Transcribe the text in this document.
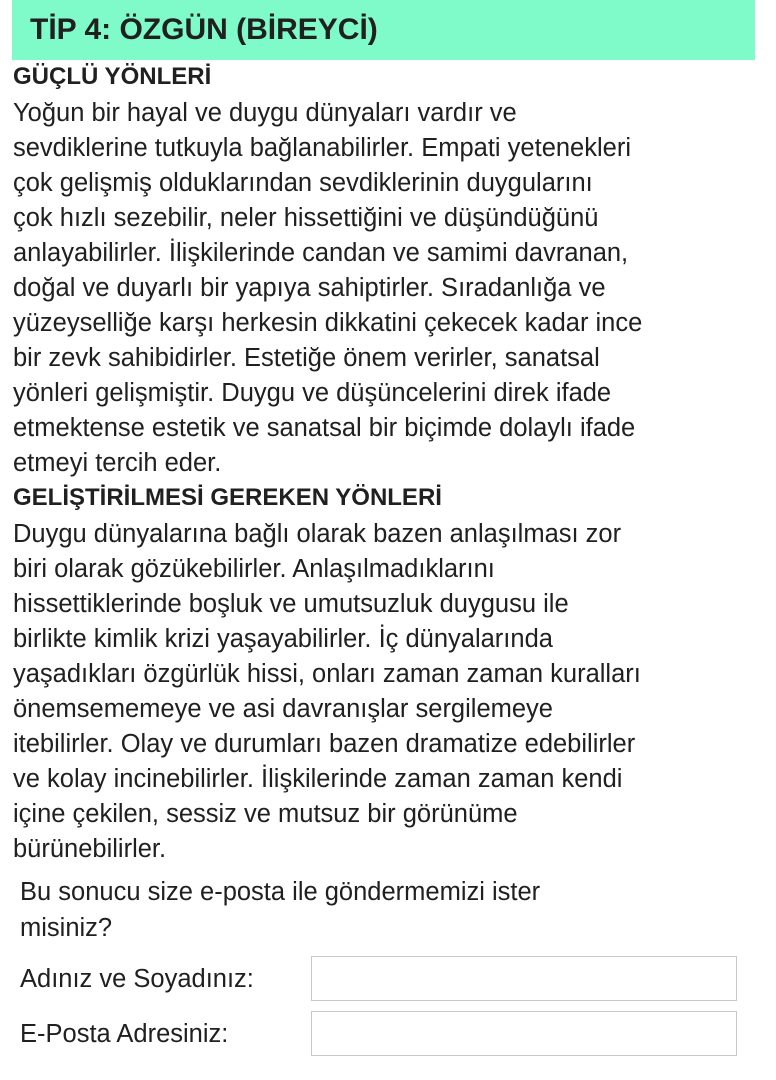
TİP 4: ÖZGÜN (BİREYCİ)
GÜÇLÜ YÖNLERİ
Yoğun bir hayal ve duygu dünyaları vardır ve
sevdiklerine tutkuyla bağlanabilirler. Empati yetenekleri
çok gelişmiş olduklarından sevdiklerinin duygularını
çok hızlı sezebilir, neler hissettiğini ve düşündüğünü
anlayabilirler. İlişkilerinde candan ve samimi davranan,
doğal ve duyarlı bir yapıya sahiptirler. Sıradanlığa ve
yüzeyselliğe karşı herkesin dikkatini çekecek kadar ince
bir zevk sahibidirler. Estetiğe önem verirler, sanatsal
yönleri gelişmiştir. Duygu ve düşüncelerini direk ifade
etmektense estetik ve sanatsal bir biçimde dolaylı ifade
etmeyi tercih eder.
GELİŞTİRİLMESİ GEREKEN YÖNLERİ
Duygu dünyalarına bağlı olarak bazen anlaşılması zor
biri olarak gözükebilirler. Anlaşılmadıklarını
hissettiklerinde boşluk ve umutsuzluk duygusu ile
birlikte kimlik krizi yaşayabilirler. İç dünyalarında
yaşadıkları özgürlük hissi, onları zaman zaman kuralları
önemsememeye ve asi davranışlar sergilemeye
itebilirler. Olay ve durumları bazen dramatize edebilirler
ve kolay incinebilirler. İlişkilerinde zaman zaman kendi
içine çekilen, sessiz ve mutsuz bir görünüme
bürünebilirler.
Bu sonucu size e-posta ile göndermemizi ister
misiniz?
Adınız ve Soyadınız:
E-Posta Adresiniz:
